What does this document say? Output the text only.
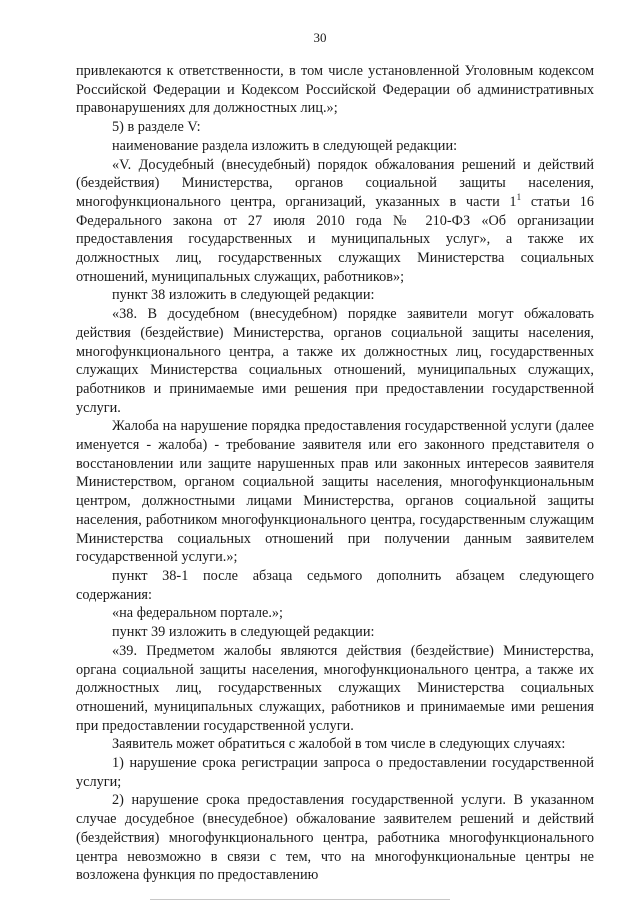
30

привлекаются к ответственности, в том числе установленной Уголовным кодексом Российской Федерации и Кодексом Российской Федерации об административных правонарушениях для должностных лиц.»;

5) в разделе V:

наименование раздела изложить в следующей редакции:

«V. Досудебный (внесудебный) порядок обжалования решений и действий (бездействия) Министерства, органов социальной защиты населения, многофункционального центра, организаций, указанных в части $1^1$ статьи 16 Федерального закона от 27 июля 2010 года № 210-ФЗ «Об организации предоставления государственных и муниципальных услуг», а также их должностных лиц, государственных служащих Министерства социальных отношений, муниципальных служащих, работников»;

пункт 38 изложить в следующей редакции:

«38. В досудебном (внесудебном) порядке заявители могут обжаловать действия (бездействие) Министерства, органов социальной защиты населения, многофункционального центра, а также их должностных лиц, государственных служащих Министерства социальных отношений, муниципальных служащих, работников и принимаемые ими решения при предоставлении государственной услуги.

Жалоба на нарушение порядка предоставления государственной услуги (далее именуется - жалоба) - требование заявителя или его законного представителя о восстановлении или защите нарушенных прав или законных интересов заявителя Министерством, органом социальной защиты населения, многофункциональным центром, должностными лицами Министерства, органов социальной защиты населения, работником многофункционального центра, государственным служащим Министерства социальных отношений при получении данным заявителем государственной услуги.»;

пункт 38-1 после абзаца седьмого дополнить абзацем следующего содержания:

«на федеральном портале.»;

пункт 39 изложить в следующей редакции:

«39. Предметом жалобы являются действия (бездействие) Министерства, органа социальной защиты населения, многофункционального центра, а также их должностных лиц, государственных служащих Министерства социальных отношений, муниципальных служащих, работников и принимаемые ими решения при предоставлении государственной услуги.

Заявитель может обратиться с жалобой в том числе в следующих случаях:

1) нарушение срока регистрации запроса о предоставлении государственной услуги;

2) нарушение срока предоставления государственной услуги. В указанном случае досудебное (внесудебное) обжалование заявителем решений и действий (бездействия) многофункционального центра, работника многофункционального центра невозможно в связи с тем, что на многофункциональные центры не возложена функция по предоставлению
